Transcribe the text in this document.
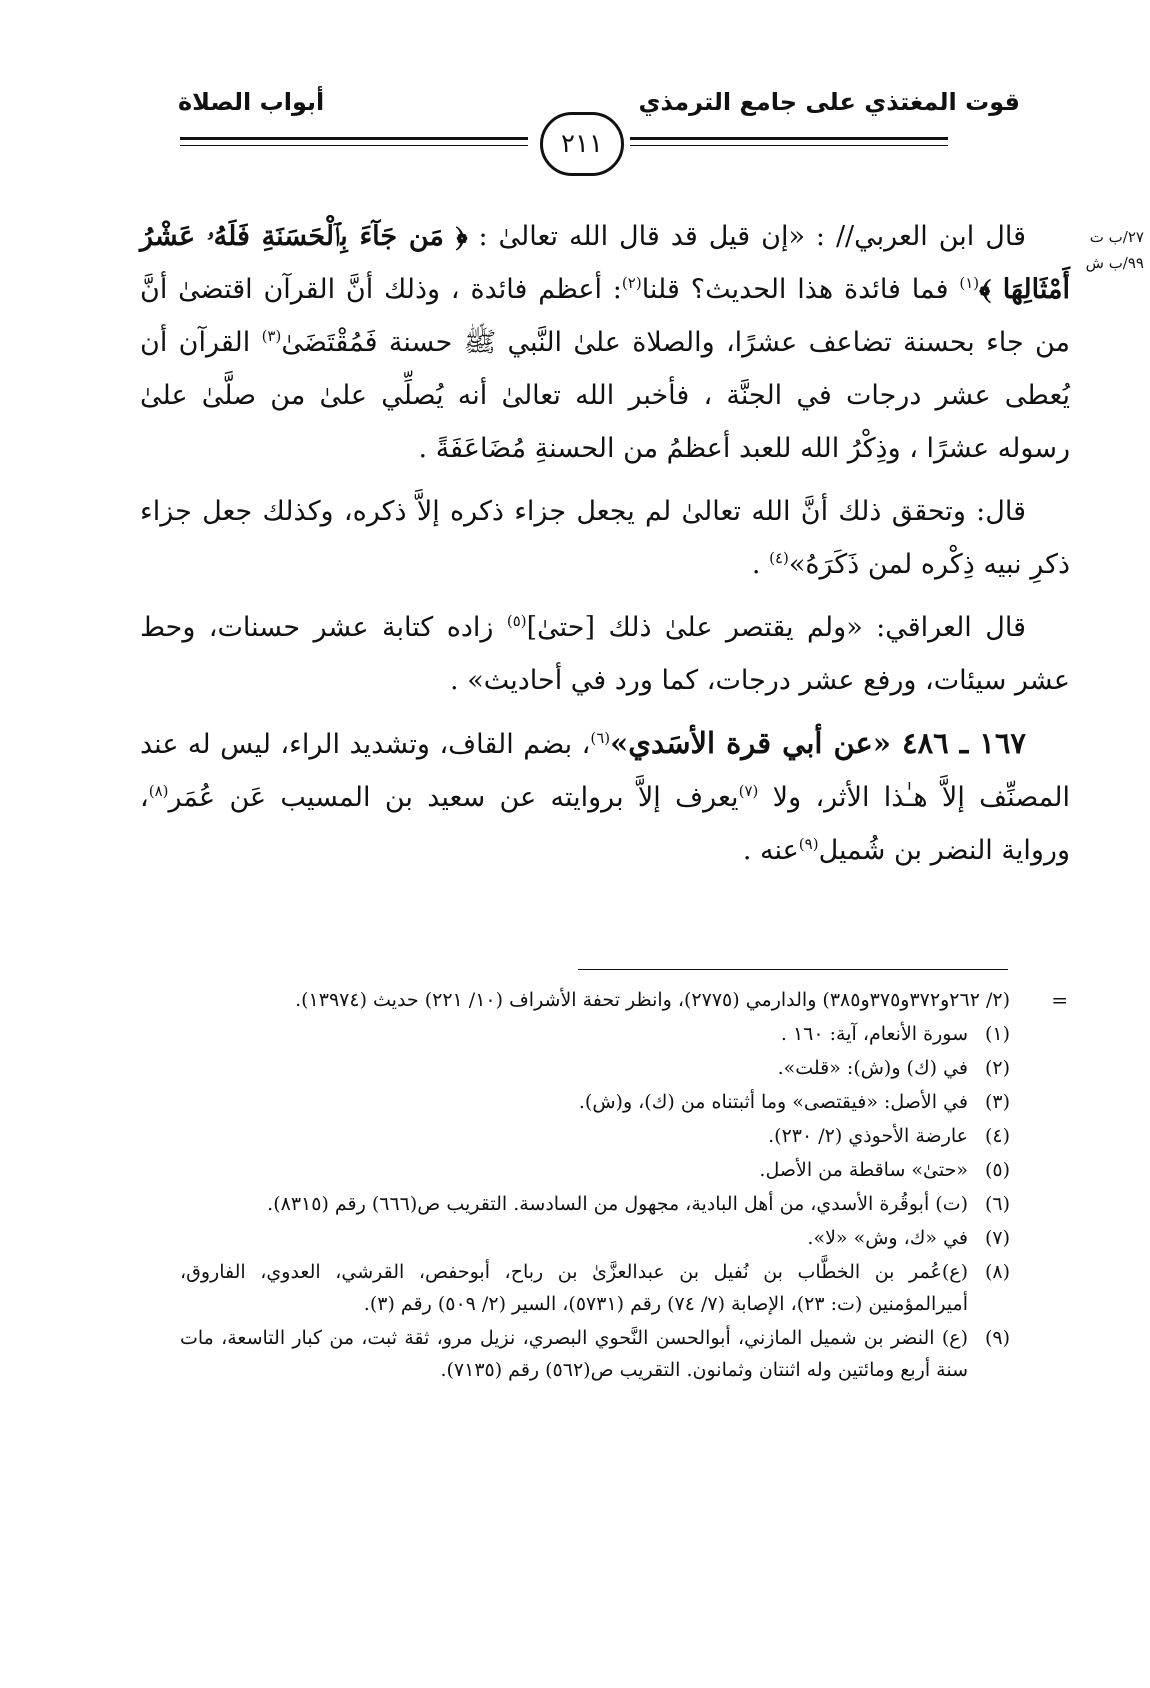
قوت المغتذي على جامع الترمذي
أبواب الصلاة
٢١١
٢٧/ب ت
٩٩/ب ش

قال ابن العربي// : «إن قيل قد قال الله تعالىٰ : ﴿ مَن جَآءَ بِٱلْحَسَنَةِ فَلَهُۥ عَشْرُ أَمْثَالِهَا ﴾$^{(١)}$ فما فائدة هذا الحديث؟ قلنا$^{(٢)}$: أعظم فائدة ، وذلك أنَّ القرآن اقتضىٰ أنَّ من جاء بحسنة تضاعف عشرًا، والصلاة علىٰ النَّبي ﷺ حسنة فَمُقْتَضَىٰ$^{(٣)}$ القرآن أن يُعطى عشر درجات في الجنَّة ، فأخبر الله تعالىٰ أنه يُصلِّي علىٰ من صلَّىٰ علىٰ رسوله عشرًا ، وذِكْرُ الله للعبد أعظمُ من الحسنةِ مُضَاعَفَةً .

قال: وتحقق ذلك أنَّ الله تعالىٰ لم يجعل جزاء ذكره إلاَّ ذكره، وكذلك جعل جزاء ذكرِ نبيه ذِكْره لمن ذَكَرَهُ»$^{(٤)}$ .

قال العراقي: «ولم يقتصر علىٰ ذلك [حتىٰ]$^{(٥)}$ زاده كتابة عشر حسنات، وحط عشر سيئات، ورفع عشر درجات، كما ورد في أحاديث» .

١٦٧ ـ ٤٨٦ «عن أبي قرة الأسَدي»$^{(٦)}$، بضم القاف، وتشديد الراء، ليس له عند المصنِّف إلاَّ هـٰذا الأثر، ولا $^{(٧)}$يعرف إلاَّ بروايته عن سعيد بن المسيب عَن عُمَر$^{(٨)}$، ورواية النضر بن شُميل$^{(٩)}$عنه .

=
(٢/ ٢٦٢و٣٧٢و٣٧٥و٣٨٥) والدارمي (٢٧٧٥)، وانظر تحفة الأشراف (١٠/ ٢٢١) حديث (١٣٩٧٤).
(١)
سورة الأنعام، آية: ١٦٠ .
(٢)
في (ك) و(ش): «قلت».
(٣)
في الأصل: «فيقتصى» وما أثبتناه من (ك)، و(ش).
(٤)
عارضة الأحوذي (٢/ ٢٣٠).
(٥)
«حتىٰ» ساقطة من الأصل.
(٦)
(ت) أبوقُرة الأسدي، من أهل البادية، مجهول من السادسة. التقريب ص(٦٦٦) رقم (٨٣١٥).
(٧)
في «ك، وش» «لا».
(٨)
(ع)عُمر بن الخطَّاب بن نُفيل بن عبدالعزَّىٰ بن رباح، أبوحفص، القرشي، العدوي، الفاروق، أميرالمؤمنين (ت: ٢٣)، الإصابة (٧/ ٧٤) رقم (٥٧٣١)، السير (٢/ ٥٠٩) رقم (٣).
(٩)
(ع) النضر بن شميل المازني، أبوالحسن النَّحوي البصري، نزيل مرو، ثقة ثبت، من كبار التاسعة، مات سنة أربع ومائتين وله اثنتان وثمانون. التقريب ص(٥٦٢) رقم (٧١٣٥).
